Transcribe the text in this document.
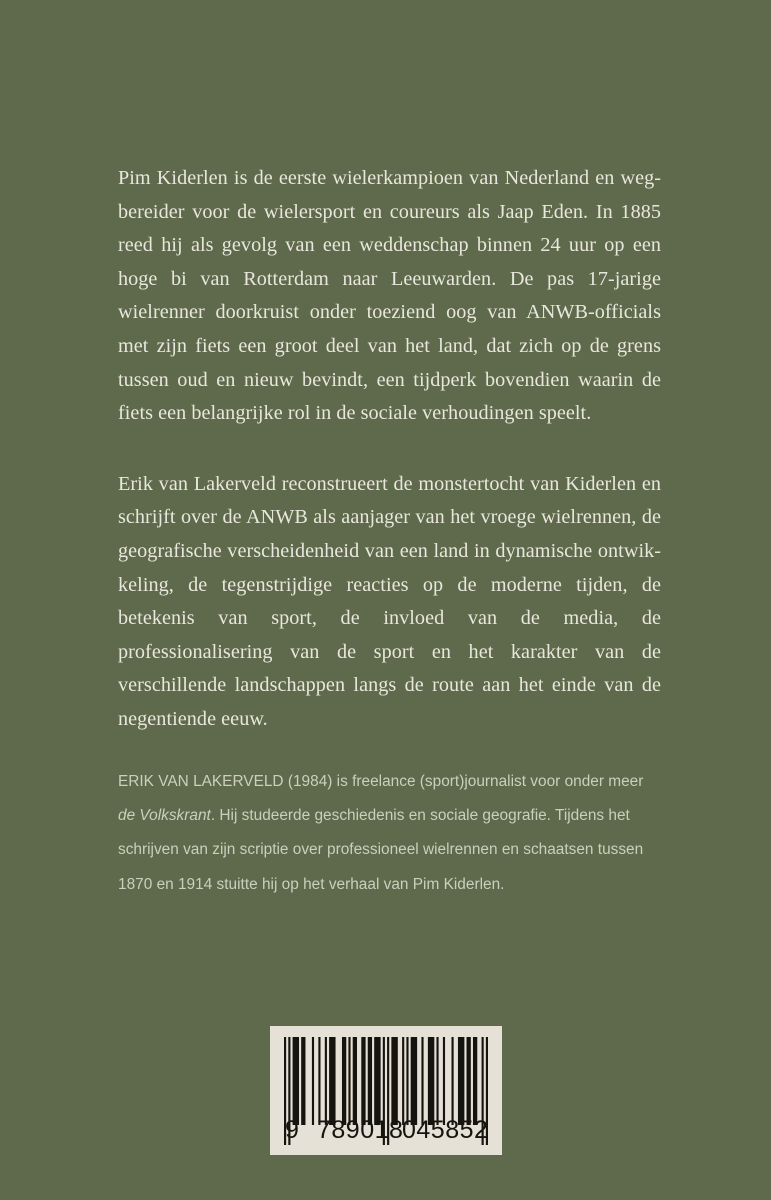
Pim Kiderlen is de eerste wielerkampioen van Nederland en wegbereider voor de wielersport en coureurs als Jaap Eden. In 1885 reed hij als gevolg van een weddenschap binnen 24 uur op een hoge bi van Rotterdam naar Leeuwarden. De pas 17-jarige wielrenner doorkruist onder toeziend oog van ANWB-officials met zijn fiets een groot deel van het land, dat zich op de grens tussen oud en nieuw bevindt, een tijdperk bovendien waarin de fiets een belangrijke rol in de sociale verhoudingen speelt.

Erik van Lakerveld reconstrueert de monstertocht van Kiderlen en schrijft over de ANWB als aanjager van het vroege wielrennen, de geografische verscheidenheid van een land in dynamische ontwikkeling, de tegenstrijdige reacties op de moderne tijden, de betekenis van sport, de invloed van de media, de professionalisering van de sport en het karakter van de verschillende landschappen langs de route aan het einde van de negentiende eeuw.

ERIK VAN LAKERVELD (1984) is freelance (sport)journalist voor onder meer de Volkskrant. Hij studeerde geschiedenis en sociale geografie. Tijdens het schrijven van zijn scriptie over professioneel wielrennen en schaatsen tussen 1870 en 1914 stuitte hij op het verhaal van Pim Kiderlen.

9 789018
045852
